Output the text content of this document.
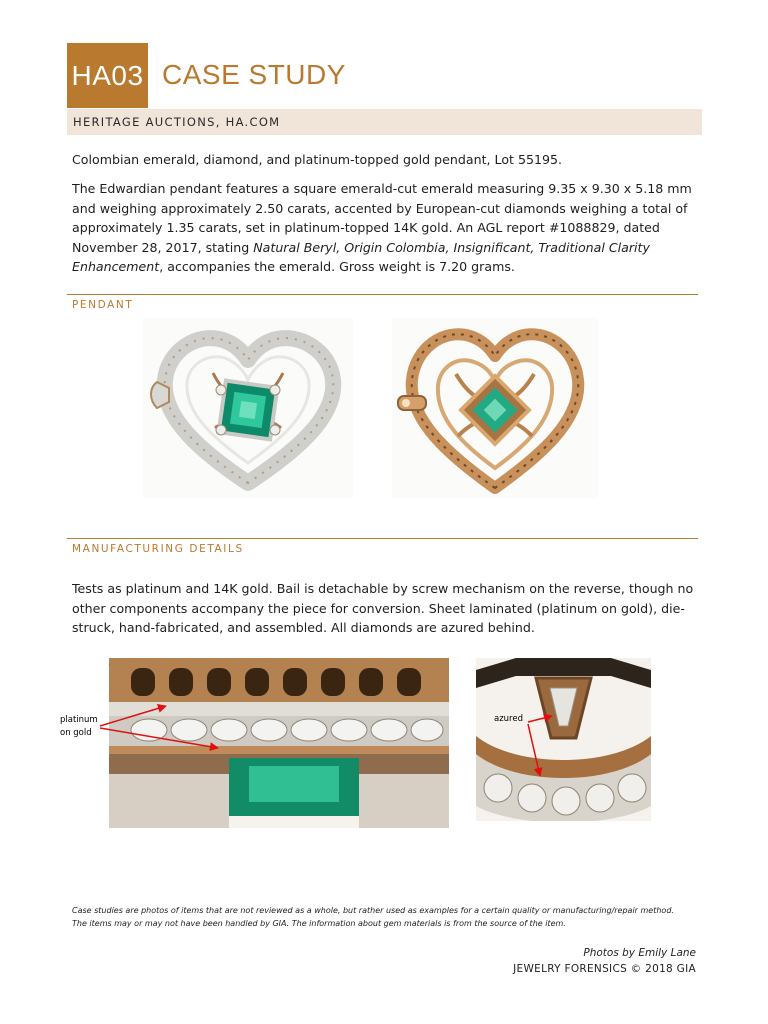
HA03 CASE STUDY
HERITAGE AUCTIONS, HA.COM

Colombian emerald, diamond, and platinum-topped gold pendant, Lot 55195.

The Edwardian pendant features a square emerald-cut emerald measuring 9.35 x 9.30 x 5.18 mm and weighing approximately 2.50 carats, accented by European-cut diamonds weighing a total of approximately 1.35 carats, set in platinum-topped 14K gold. An AGL report #1088829, dated November 28, 2017, stating Natural Beryl, Origin Colombia, Insignificant, Traditional Clarity Enhancement, accompanies the emerald. Gross weight is 7.20 grams.

PENDANT
MANUFACTURING DETAILS

Tests as platinum and 14K gold. Bail is detachable by screw mechanism on the reverse, though no other components accompany the piece for conversion. Sheet laminated (platinum on gold), die-struck, hand-fabricated, and assembled. All diamonds are azured behind.

platinum
on gold
azured
Case studies are photos of items that are not reviewed as a whole, but rather used as examples for a certain quality or manufacturing/repair method.
The items may or may not have been handled by GIA. The information about gem materials is from the source of the item.
Photos by Emily Lane
JEWELRY FORENSICS © 2018 GIA
